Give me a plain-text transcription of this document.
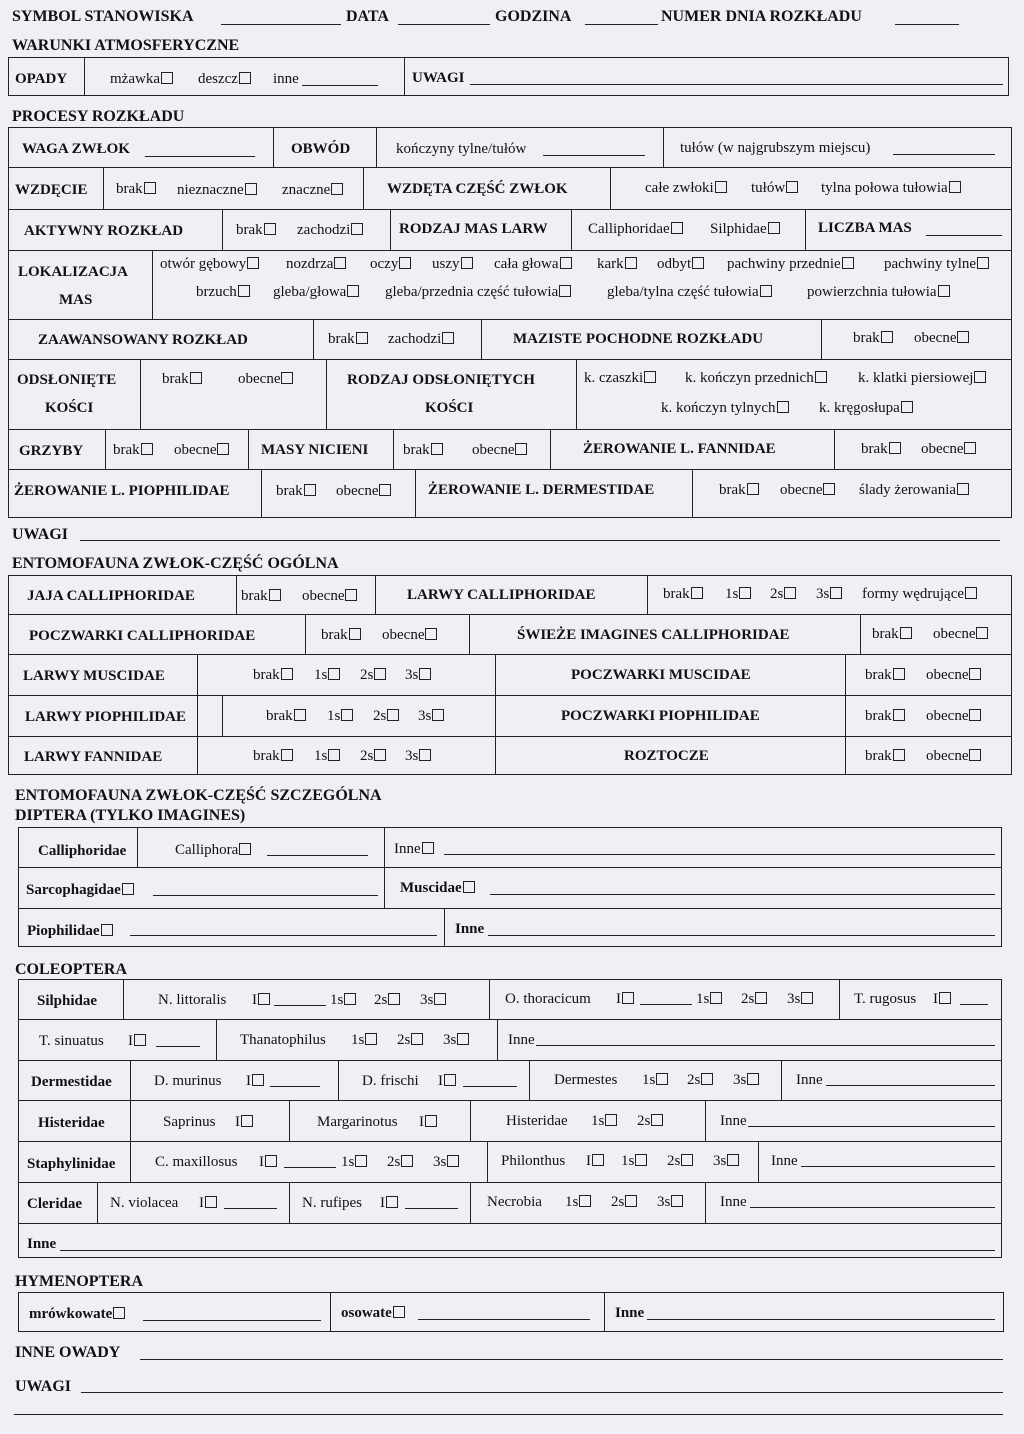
SYMBOL STANOWISKA	DATA	GODZINA	NUMER DNIA ROZKŁADU
WARUNKI ATMOSFERYCZNE
OPADY	mżawka	deszcz	inne	UWAGI
PROCESY ROZKŁADU
WAGA ZWŁOK	OBWÓD	kończyny tylne/tułów	tułów (w najgrubszym miejscu)
WZDĘCIE brak	nieznaczne	znaczne	WZDĘTA CZĘŚĆ ZWŁOK	całe zwłoki	tułów	tylna połowa tułowia
AKTYWNY ROZKŁAD	brak	zachodzi	RODZAJ MAS LARW	Calliphoridae	Silphidae	LICZBA MAS
LOKALIZACJA
MAS
otwór gębowy	nozdrza	oczy	uszy	cała głowa	kark	odbyt	pachwiny przednie	pachwiny tylne
brzuch	gleba/głowa	gleba/przednia część tułowia	gleba/tylna część tułowia	powierzchnia tułowia
ZAAWANSOWANY ROZKŁAD	brak	zachodzi	MAZISTE POCHODNE ROZKŁADU	brak	obecne
ODSŁONIĘTE
KOŚCI
brak	obecne	RODZAJ ODSŁONIĘTYCH
KOŚCI
k. czaszki	k. kończyn przednich	k. klatki piersiowej
k. kończyn tylnych	k. kręgosłupa
GRZYBY brak	obecne	MASY NICIENI brak	obecne	ŻEROWANIE L. FANNIDAE	brak	obecne
ŻEROWANIE L. PIOPHILIDAE	brak	obecne	ŻEROWANIE L. DERMESTIDAE	brak	obecne	ślady żerowania
UWAGI
ENTOMOFAUNA ZWŁOK-CZĘŚĆ OGÓLNA
JAJA CALLIPHORIDAE	brak	obecne	LARWY CALLIPHORIDAE	brak	1s	2s	3s	formy wędrujące
POCZWARKI CALLIPHORIDAE	brak	obecne	ŚWIEŻE IMAGINES CALLIPHORIDAE	brak	obecne
LARWY MUSCIDAE	brak	1s	2s	3s	POCZWARKI MUSCIDAE	brak	obecne
LARWY PIOPHILIDAE	brak	1s	2s	3s	POCZWARKI PIOPHILIDAE	brak	obecne
LARWY FANNIDAE	brak	1s	2s	3s	ROZTOCZE	brak	obecne
ENTOMOFAUNA ZWŁOK-CZĘŚĆ SZCZEGÓLNA
DIPTERA (TYLKO IMAGINES)
Calliphoridae	Calliphora	Inne
Sarcophagidae	Muscidae
Piophilidae	Inne
COLEOPTERA
Silphidae	N. littoralis I	1s	2s	3s	O. thoracicum I	1s	2s	3s	T. rugosus I
T. sinuatus I	Thanatophilus 1s	2s	3s	Inne
Dermestidae	D. murinus I	D. frischi I	Dermestes 1s	2s	3s	Inne
Histeridae	Saprinus I	Margarinotus I	Histeridae 1s	2s	Inne
Staphylinidae	C. maxillosus I	1s	2s	3s	Philonthus I	1s	2s	3s	Inne
Cleridae N. violacea I	N. rufipes I	Necrobia 1s	2s	3s	Inne
Inne
HYMENOPTERA
mrówkowate	osowate	Inne
INNE OWADY
UWAGI
